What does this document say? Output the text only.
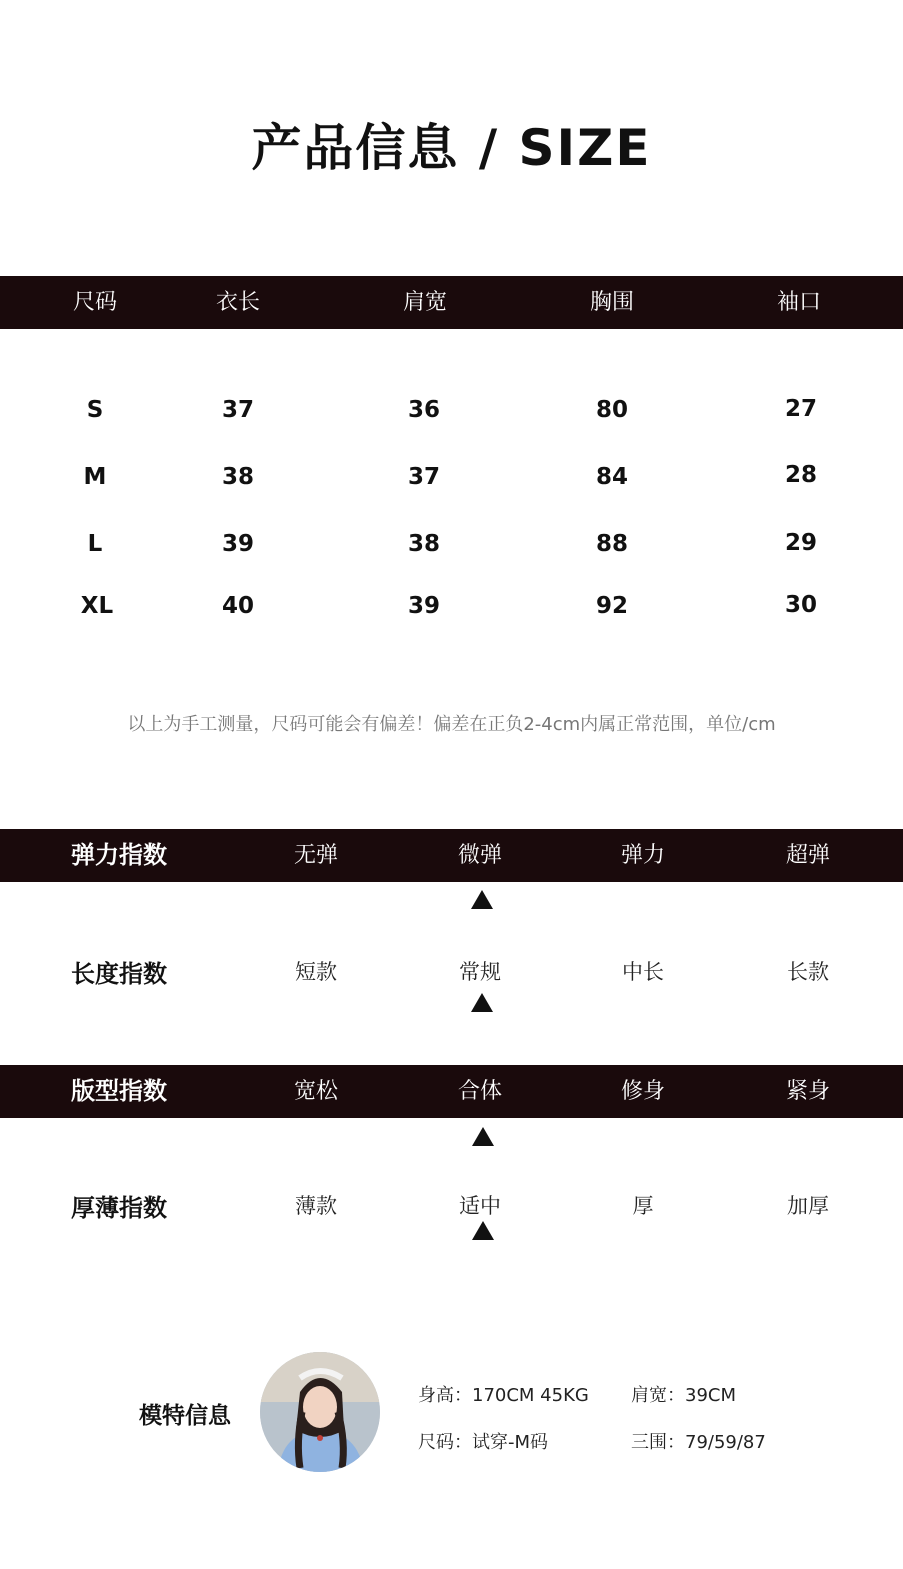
产品信息 / SIZE
尺码	衣长	肩宽	胸围	袖口
S	37	36	80	27
M	38	37	84	28
L	39	38	88	29
XL	40	39	92	30
以上为手工测量，尺码可能会有偏差！偏差在正负2-4cm内属正常范围，单位/cm
弹力指数	无弹	微弹	弹力	超弹
长度指数	短款	常规	中长	长款
版型指数	宽松	合体	修身	紧身
厚薄指数	薄款	适中	厚	加厚
模特信息
身高：170CM 45KG 肩宽：39CM
尺码：试穿-M码	三围：79/59/87
